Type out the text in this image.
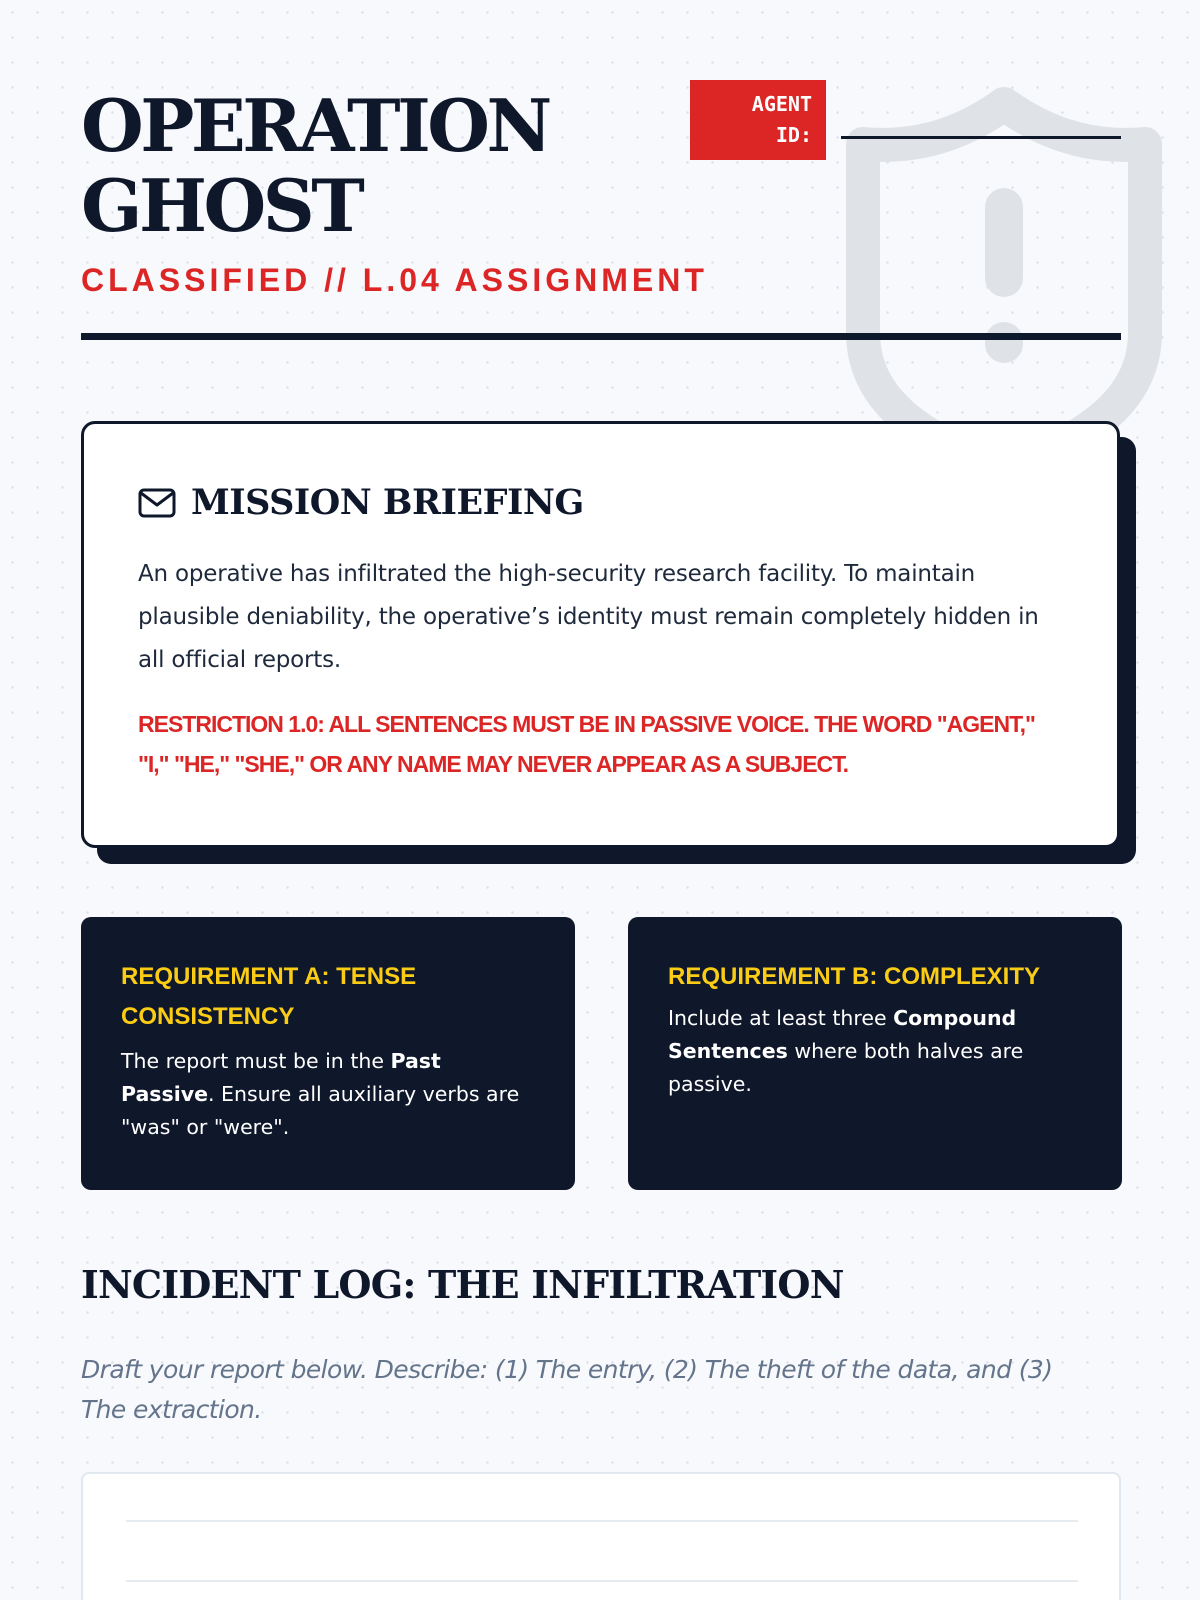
OPERATION
GHOST
CLASSIFIED // L.04 ASSIGNMENT
AGENT
ID:
MISSION BRIEFING

An operative has infiltrated the high-security research facility. To maintain plausible deniability, the operative’s identity must remain completely hidden in all official reports.

RESTRICTION 1.0: ALL SENTENCES MUST BE IN PASSIVE VOICE. THE WORD "AGENT," "I," "HE," "SHE," OR ANY NAME MAY NEVER APPEAR AS A SUBJECT.

REQUIREMENT A: TENSE CONSISTENCY

The report must be in the Past Passive. Ensure all auxiliary verbs are "was" or "were".

REQUIREMENT B: COMPLEXITY

Include at least three Compound Sentences where both halves are passive.

INCIDENT LOG: THE INFILTRATION

Draft your report below. Describe: (1) The entry, (2) The theft of the data, and (3) The extraction.
